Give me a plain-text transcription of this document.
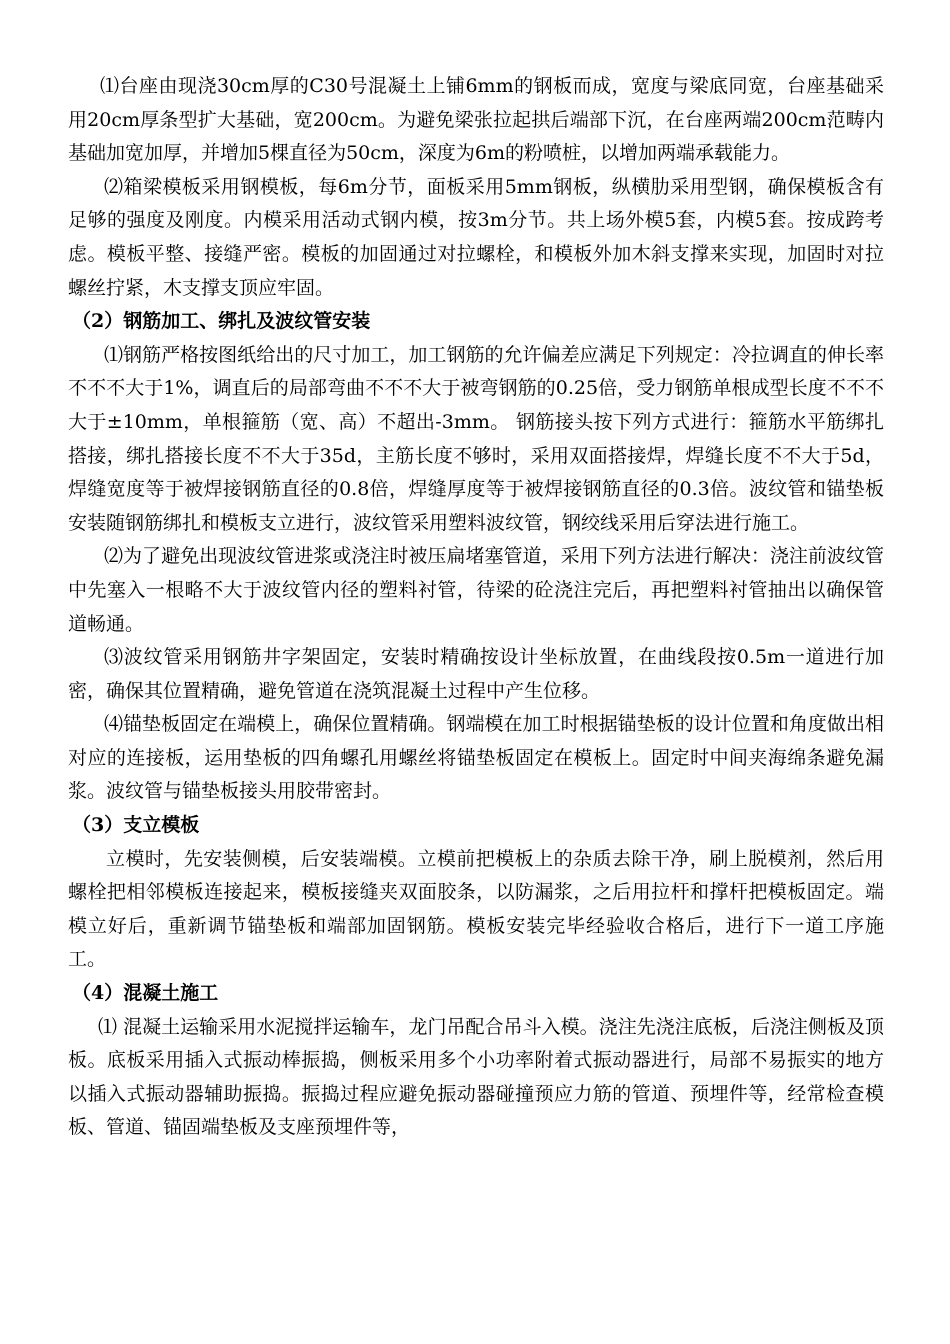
⑴台座由现浇30cm厚的C30号混凝土上铺6mm的钢板而成，宽度与梁底同宽，台座基础采用20cm厚条型扩大基础，宽200cm。为避免梁张拉起拱后端部下沉，在台座两端200cm范畴内基础加宽加厚，并增加5棵直径为50cm，深度为6m的粉喷桩，以增加两端承载能力。

⑵箱梁模板采用钢模板，每6m分节，面板采用5mm钢板，纵横肋采用型钢，确保模板含有足够的强度及刚度。内模采用活动式钢内模，按3m分节。共上场外模5套，内模5套。按成跨考虑。模板平整、接缝严密。模板的加固通过对拉螺栓，和模板外加木斜支撑来实现，加固时对拉螺丝拧紧，木支撑支顶应牢固。

（2）钢筋加工、绑扎及波纹管安装

⑴钢筋严格按图纸给出的尺寸加工，加工钢筋的允许偏差应满足下列规定：冷拉调直的伸长率不不不大于1%，调直后的局部弯曲不不不大于被弯钢筋的0.25倍，受力钢筋单根成型长度不不不大于±10mm，单根箍筋（宽、高）不超出-3mm。 钢筋接头按下列方式进行：箍筋水平筋绑扎搭接，绑扎搭接长度不不大于35d，主筋长度不够时，采用双面搭接焊，焊缝长度不不大于5d，焊缝宽度等于被焊接钢筋直径的0.8倍，焊缝厚度等于被焊接钢筋直径的0.3倍。波纹管和锚垫板安装随钢筋绑扎和模板支立进行，波纹管采用塑料波纹管，钢绞线采用后穿法进行施工。

⑵为了避免出现波纹管进浆或浇注时被压扁堵塞管道，采用下列方法进行解决：浇注前波纹管中先塞入一根略不大于波纹管内径的塑料衬管，待梁的砼浇注完后，再把塑料衬管抽出以确保管道畅通。

⑶波纹管采用钢筋井字架固定，安装时精确按设计坐标放置，在曲线段按0.5m一道进行加密，确保其位置精确，避免管道在浇筑混凝土过程中产生位移。

⑷锚垫板固定在端模上，确保位置精确。钢端模在加工时根据锚垫板的设计位置和角度做出相对应的连接板，运用垫板的四角螺孔用螺丝将锚垫板固定在模板上。固定时中间夹海绵条避免漏浆。波纹管与锚垫板接头用胶带密封。

（3）支立模板

立模时，先安装侧模，后安装端模。立模前把模板上的杂质去除干净，刷上脱模剂，然后用螺栓把相邻模板连接起来，模板接缝夹双面胶条，以防漏浆，之后用拉杆和撑杆把模板固定。端模立好后，重新调节锚垫板和端部加固钢筋。模板安装完毕经验收合格后，进行下一道工序施工。

（4）混凝土施工

⑴ 混凝土运输采用水泥搅拌运输车，龙门吊配合吊斗入模。浇注先浇注底板，后浇注侧板及顶板。底板采用插入式振动棒振捣，侧板采用多个小功率附着式振动器进行，局部不易振实的地方以插入式振动器辅助振捣。振捣过程应避免振动器碰撞预应力筋的管道、预埋件等，经常检查模板、管道、锚固端垫板及支座预埋件等，
